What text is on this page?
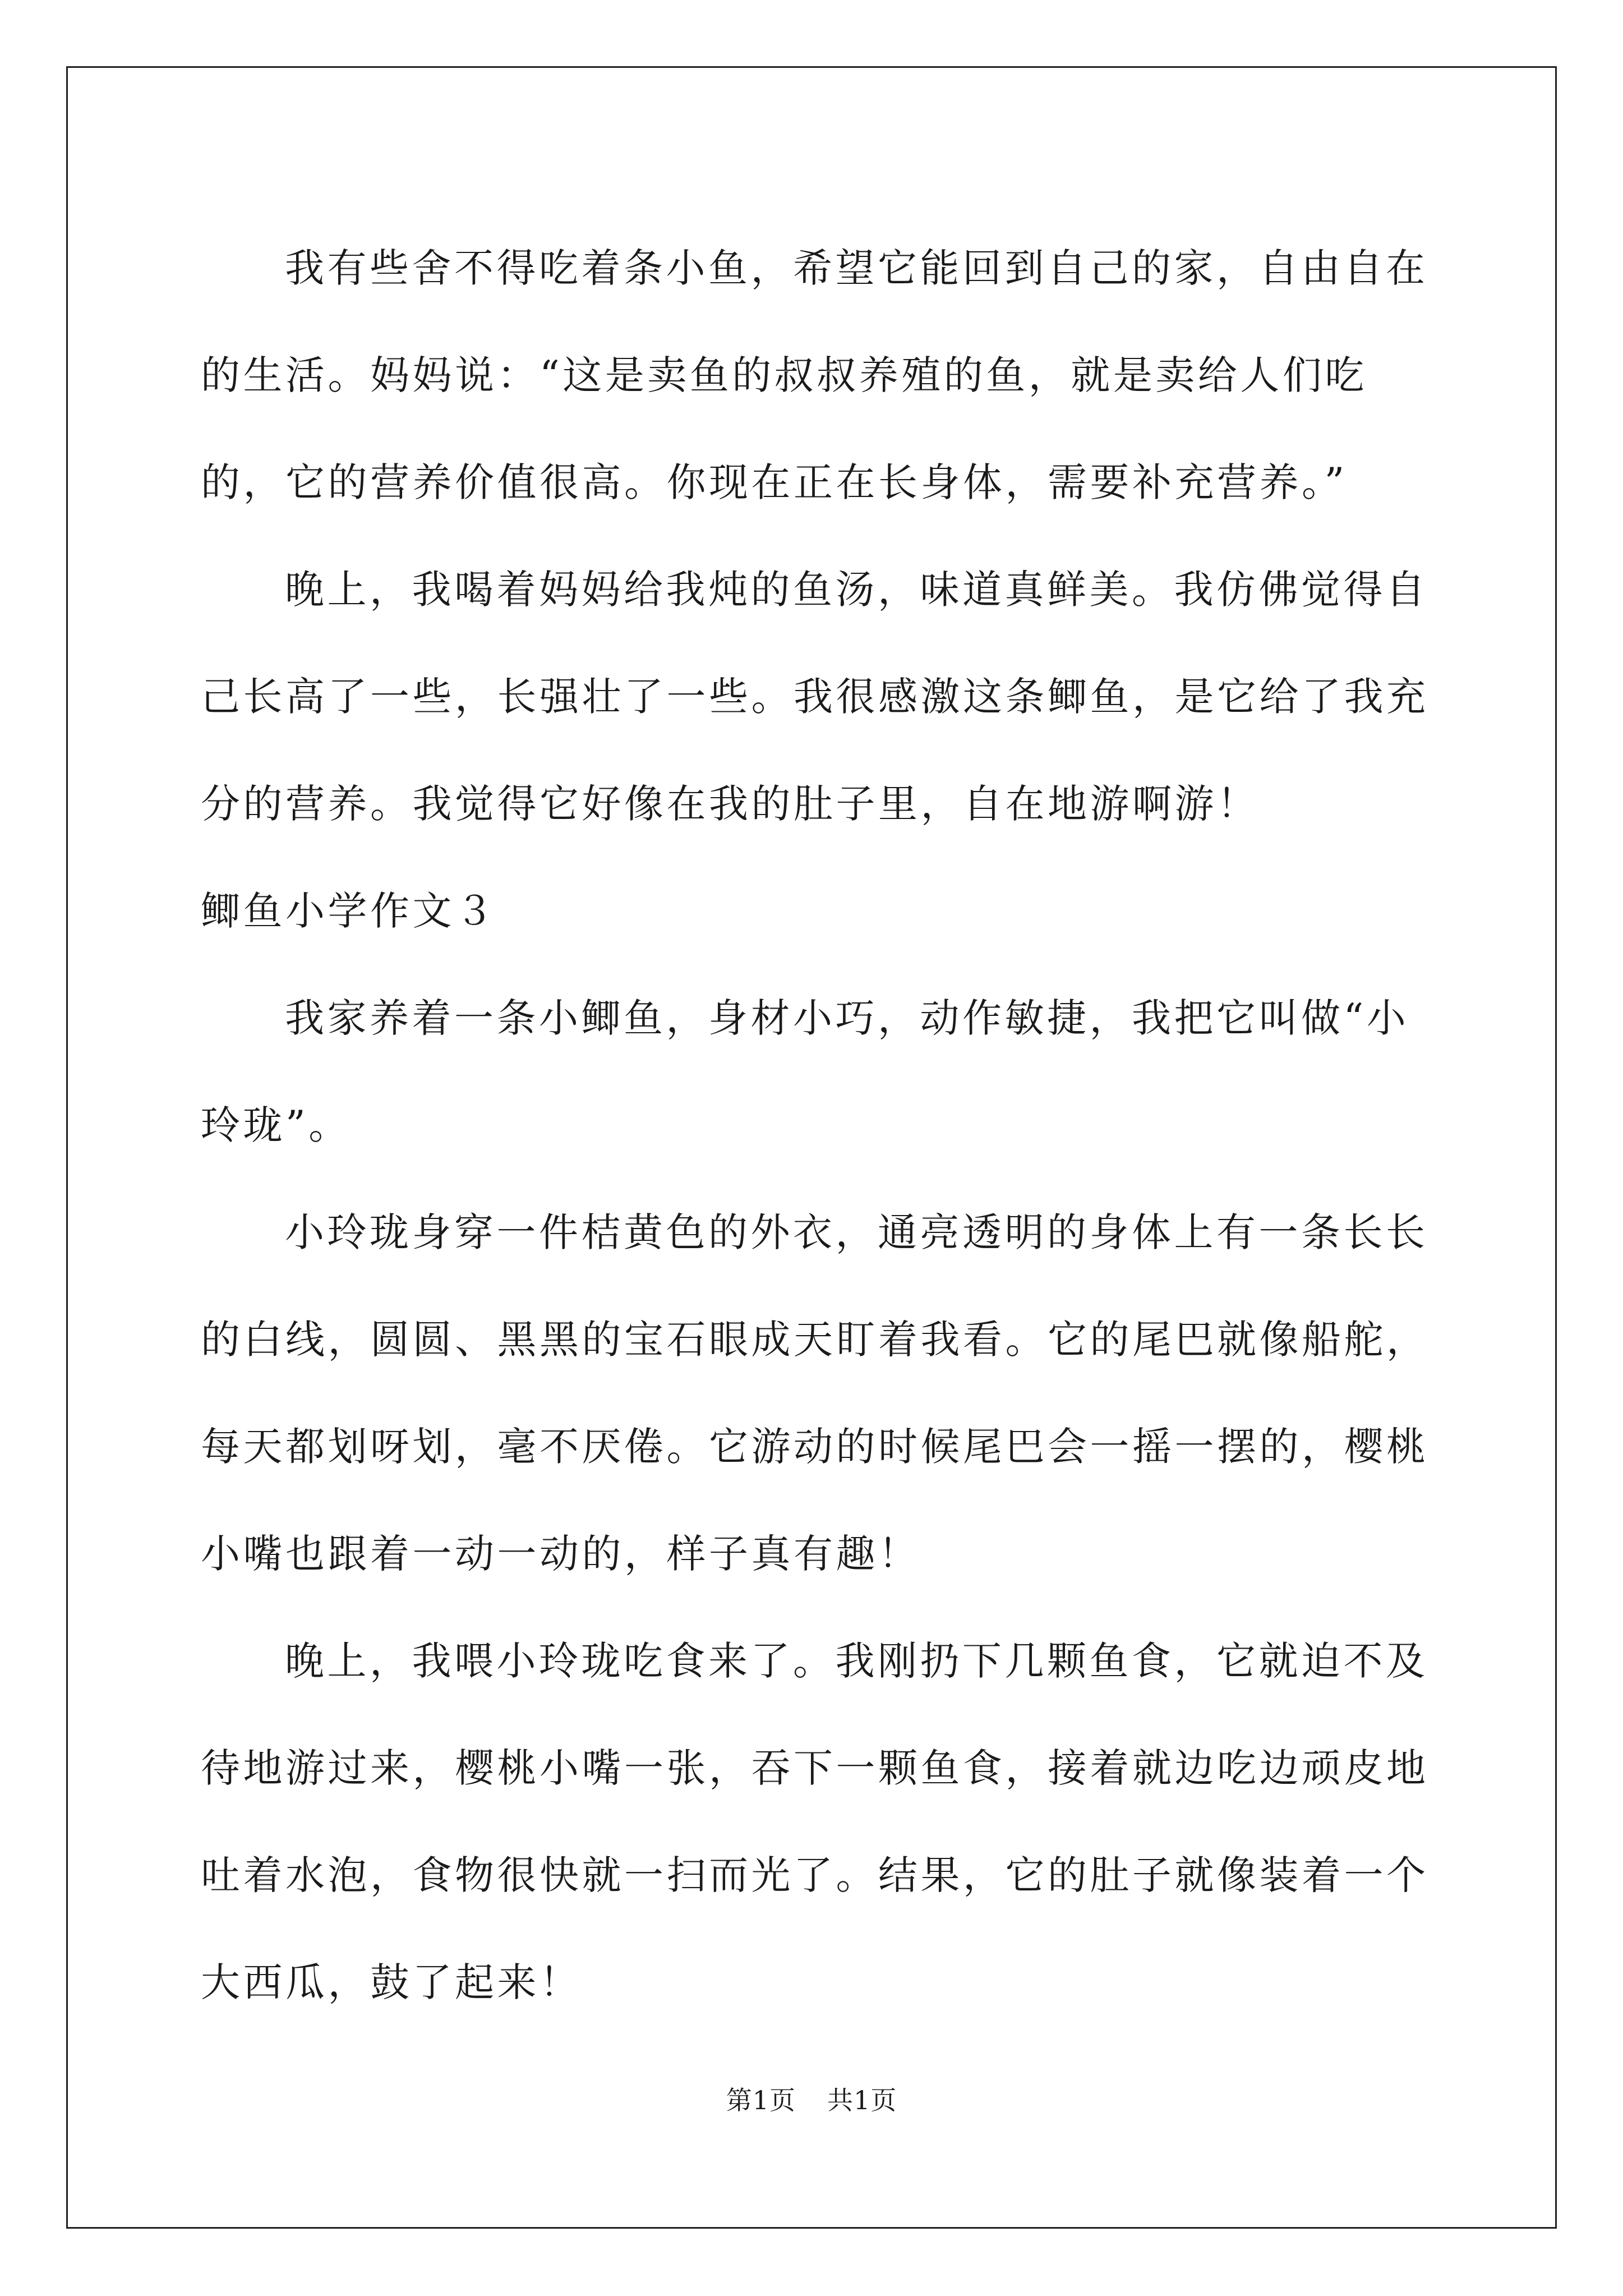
我有些舍不得吃着条小鱼，希望它能回到自己的家，自由自在的生活。妈妈说：“这是卖鱼的叔叔养殖的鱼，就是卖给人们吃的，它的营养价值很高。你现在正在长身体，需要补充营养。”

晚上，我喝着妈妈给我炖的鱼汤，味道真鲜美。我仿佛觉得自己长高了一些，长强壮了一些。我很感激这条鲫鱼，是它给了我充分的营养。我觉得它好像在我的肚子里，自在地游啊游！

鲫鱼小学作文３

我家养着一条小鲫鱼，身材小巧，动作敏捷，我把它叫做“小玲珑”。

小玲珑身穿一件桔黄色的外衣，通亮透明的身体上有一条长长的白线，圆圆、黑黑的宝石眼成天盯着我看。它的尾巴就像船舵，每天都划呀划，毫不厌倦。它游动的时候尾巴会一摇一摆的，樱桃小嘴也跟着一动一动的，样子真有趣！

晚上，我喂小玲珑吃食来了。我刚扔下几颗鱼食，它就迫不及待地游过来，樱桃小嘴一张，吞下一颗鱼食，接着就边吃边顽皮地吐着水泡，食物很快就一扫而光了。结果，它的肚子就像装着一个大西瓜，鼓了起来！

第1页 共1页
